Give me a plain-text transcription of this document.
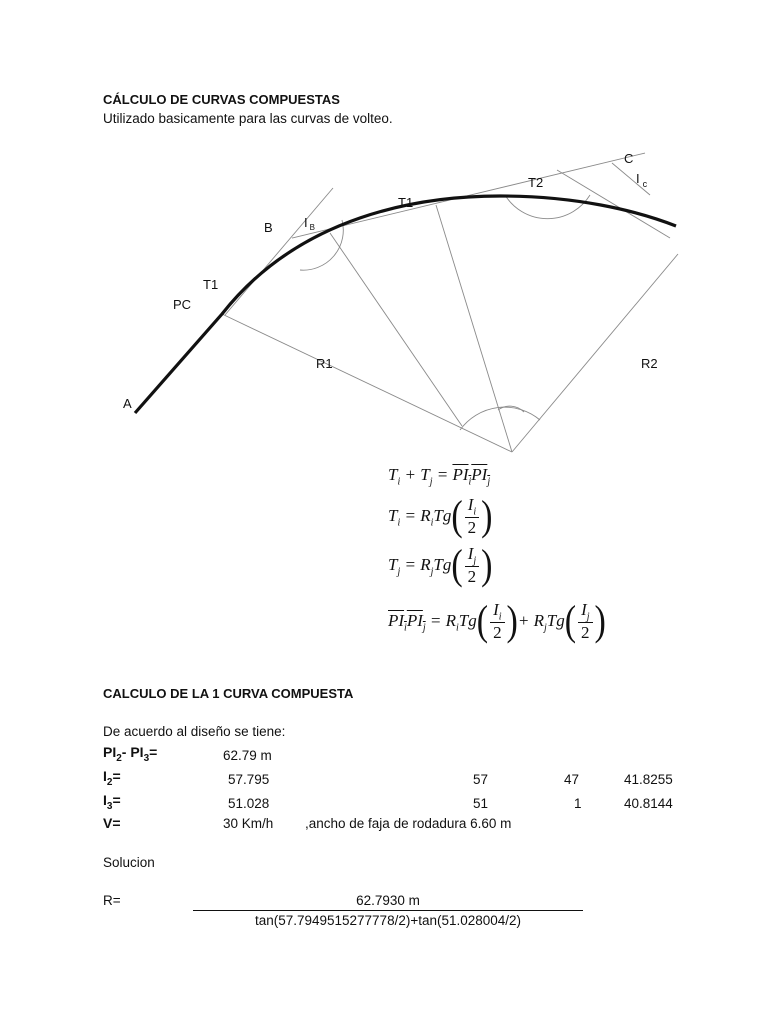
CÁLCULO DE CURVAS COMPUESTAS
Utilizado basicamente para las curvas de volteo.
A
PC
T1
B I $_B$
T1
T2
C
I $_c$
R1	R2
$T_i + T_j = PI_iPI_j$
$T_i = R_iTg( \frac{I_i}{2}$ )
$T_j = R_jTg( \frac{I_j}{2}$ )
$PI_iPI_j = R_iTg( \frac{I_i}{2}$ )+ $R_jTg( \frac{I_j}{2}$ )
CALCULO DE LA 1 CURVA COMPUESTA
De acuerdo al diseño se tiene:
$PI_2-$ $PI_3=$	62.79 m
$I_2=$	57.795	57	47	41.8255
$I_3=$	51.028	51	1	40.8144
V=	30 Km/h ,ancho de faja de rodadura 6.60 m
Solucion
R=	62.7930 m
tan(57.7949515277778/2)+tan(51.028004/2)
